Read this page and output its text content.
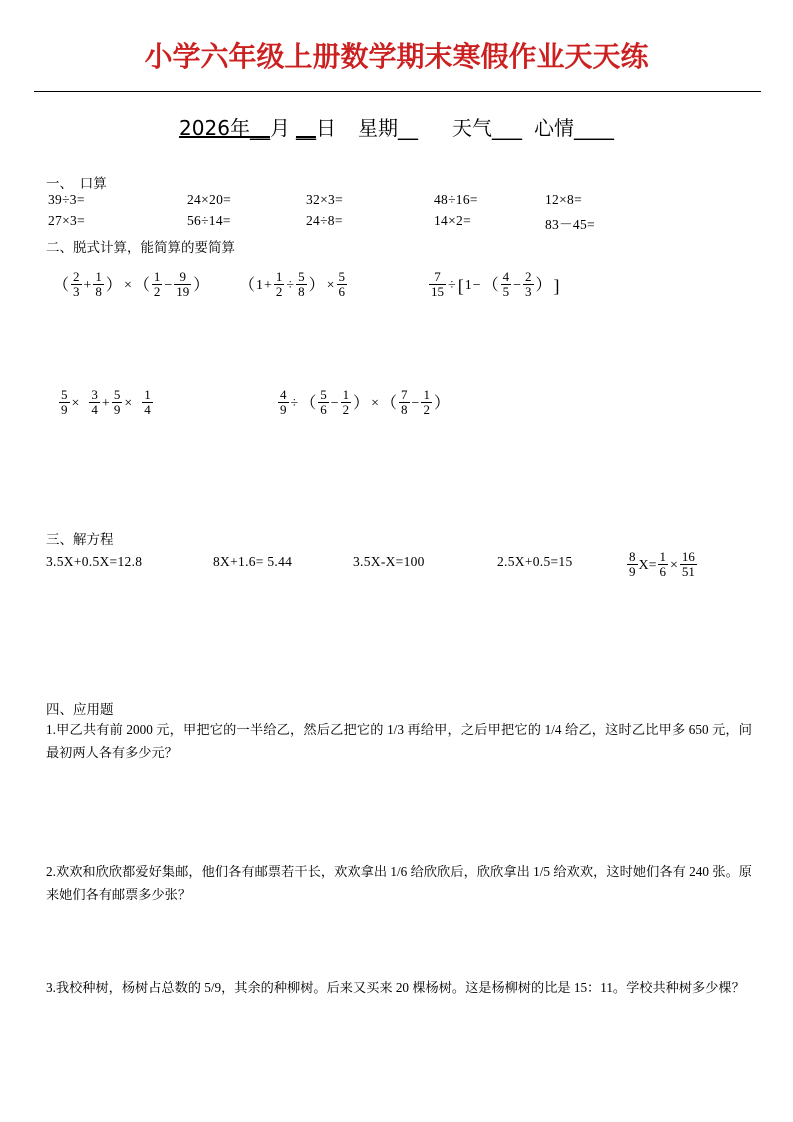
小学六年级上册数学期末寒假作业天天练
2026年__月 __日 星期__ 天气___ 心情____
一、　口算
39÷3=	24×20=	32×3=	48÷16=	12×8=
27×3=	56÷14=	24÷8=	14×2=	83－45=
二、脱式计算，能简算的要简算
（ $\frac{2}{3} + \frac{1}{8}$ ） × （ $\frac{1}{2} - \frac{9}{19}$ ） （$1+ \frac{1}{2} \div \frac{5}{8}$ ） × $\frac{5}{6}$	$\frac{7}{15} \div [1-$ （ $\frac{4}{5} - \frac{2}{3}$ ） ]
$\frac{5}{9} \times \frac{3}{4} + \frac{5}{9} \times \frac{1}{4}$	$\frac{4}{9}$ ÷ （ $\frac{5}{6} - \frac{1}{2}$ ） × （ $\frac{7}{8} - \frac{1}{2}$ ）
三、解方程
3.5X+0.5X=12.8	8X+1.6= 5.44	3.5X-X=100	2.5X+0.5=15	$\frac{8}{9} X= \frac{1}{6} \times \frac{16}{51}$
四、应用题
1.甲乙共有前 2000 元，甲把它的一半给乙，然后乙把它的 1/3 再给甲，之后甲把它的 1/4 给乙，这时乙比甲多 650 元，问最初两人各有多少元？
2.欢欢和欣欣都爱好集邮，他们各有邮票若干长，欢欢拿出 1/6 给欣欣后，欣欣拿出 1/5 给欢欢，这时她们各有 240 张。原来她们各有邮票多少张？
3.我校种树，杨树占总数的 5/9，其余的种柳树。后来又买来 20 棵杨树。这是杨柳树的比是 15：11。学校共种树多少棵？
